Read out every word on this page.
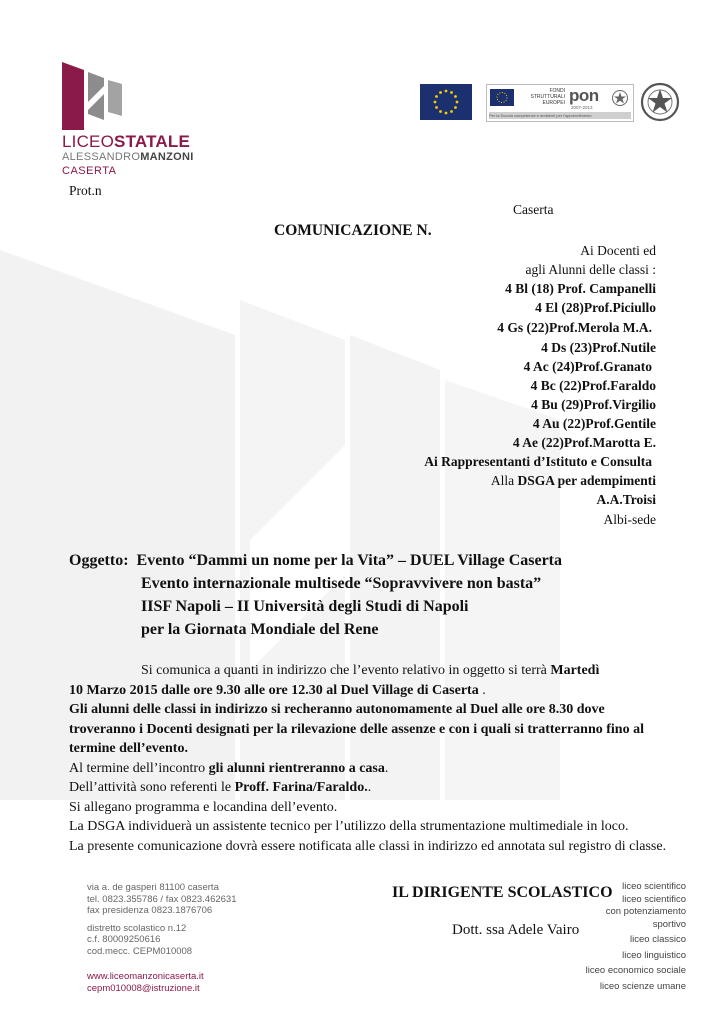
LICEOSTATALE
ALESSANDROMANZONI
CASERTA
FONDI
STRUTTURALI
EUROPEI pon
2007-2013
Per la Scuola competenze e ambienti per l'apprendimento
Prot.n
Caserta
COMUNICAZIONE N.
Ai Docenti ed
agli Alunni delle classi :
4 Bl (18) Prof. Campanelli
4 El (28)Prof.Piciullo
4 Gs (22)Prof.Merola M.A.
4 Ds (23)Prof.Nutile
4 Ac (24)Prof.Granato
4 Bc (22)Prof.Faraldo
4 Bu (29)Prof.Virgilio
4 Au (22)Prof.Gentile
4 Ae (22)Prof.Marotta E.
Ai Rappresentanti d’Istituto e Consulta
Alla DSGA per adempimenti
A.A.Troisi
Albi-sede
Oggetto: Evento “Dammi un nome per la Vita” – DUEL Village Caserta
Evento internazionale multisede “Sopravvivere non basta”
IISF Napoli – II Università degli Studi di Napoli
per la Giornata Mondiale del Rene

Si comunica a quanti in indirizzo che l’evento relativo in oggetto si terrà Martedì
10 Marzo 2015 dalle ore 9.30 alle ore 12.30 al Duel Village di Caserta .

Gli alunni delle classi in indirizzo si recheranno autonomamente al Duel alle ore 8.30 dove troveranno i Docenti designati per la rilevazione delle assenze e con i quali si tratterranno fino al termine dell’evento.

Al termine dell’incontro gli alunni rientreranno a casa.

Dell’attività sono referenti le Proff. Farina/Faraldo..

Si allegano programma e locandina dell’evento.

La DSGA individuerà un assistente tecnico per l’utilizzo della strumentazione multimediale in loco.

La presente comunicazione dovrà essere notificata alle classi in indirizzo ed annotata sul registro di classe.

via a. de gasperi 81100 caserta
tel. 0823.355786 / fax 0823.462631
fax presidenza 0823.1876706
distretto scolastico n.12
c.f. 80009250616
cod.mecc. CEPM010008
www.liceomanzonicaserta.it
cepm010008@istruzione.it
IL DIRIGENTE SCOLASTICO
Dott. ssa Adele Vairo
liceo scientifico
liceo scientifico
con potenziamento
sportivo
liceo classico
liceo linguistico
liceo economico sociale
liceo scienze umane
